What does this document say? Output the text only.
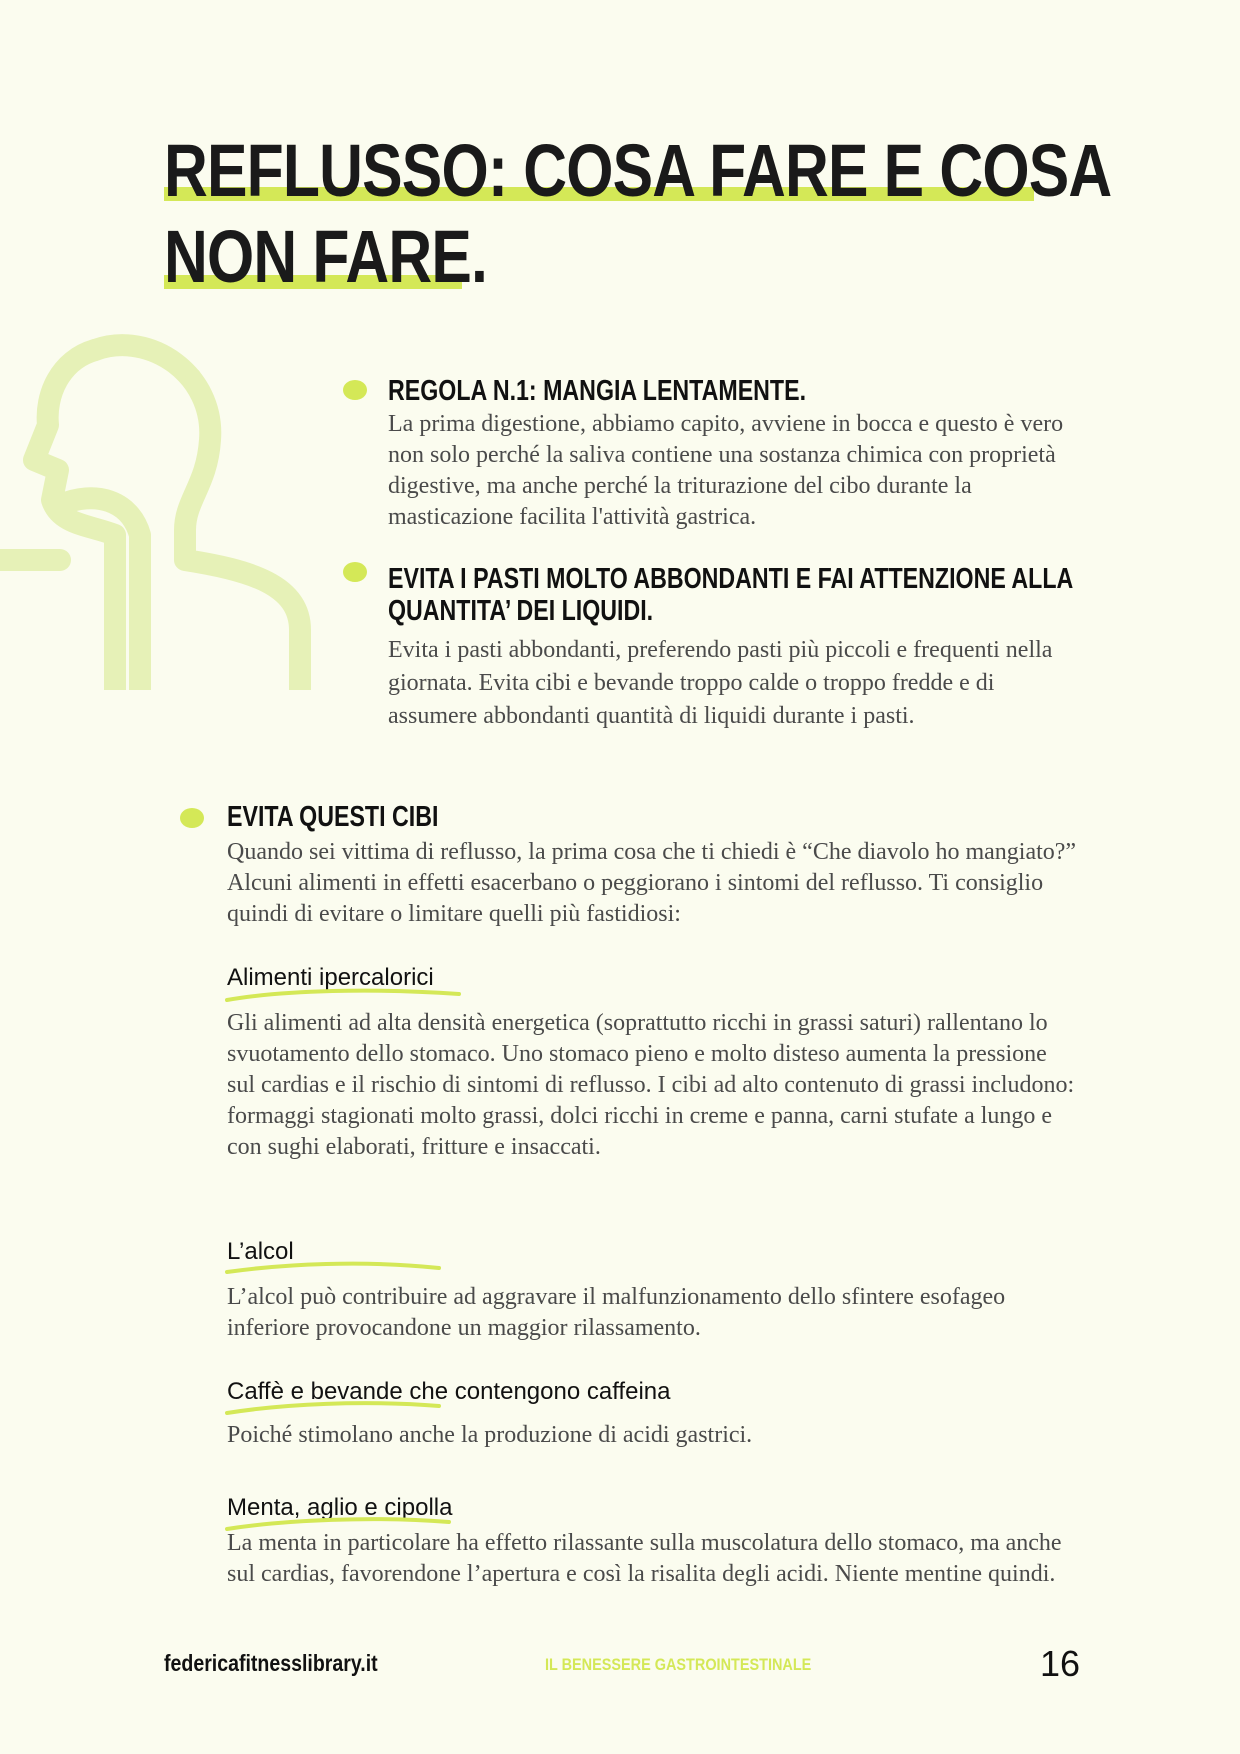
REFLUSSO: COSA FARE E COSA
NON FARE.
REGOLA N.1: MANGIA LENTAMENTE.
La prima digestione, abbiamo capito, avviene in bocca e questo è vero non solo perché la saliva contiene una sostanza chimica con proprietà digestive, ma anche perché la triturazione del cibo durante la masticazione facilita l'attività gastrica.
EVITA I PASTI MOLTO ABBONDANTI E FAI ATTENZIONE ALLA
QUANTITA’ DEI LIQUIDI.
Evita i pasti abbondanti, preferendo pasti più piccoli e frequenti nella giornata. Evita cibi e bevande troppo calde o troppo fredde e di assumere abbondanti quantità di liquidi durante i pasti.
EVITA QUESTI CIBI
Quando sei vittima di reflusso, la prima cosa che ti chiedi è “Che diavolo ho mangiato?” Alcuni alimenti in effetti esacerbano o peggiorano i sintomi del reflusso. Ti consiglio quindi di evitare o limitare quelli più fastidiosi:
Alimenti ipercalorici
Gli alimenti ad alta densità energetica (soprattutto ricchi in grassi saturi) rallentano lo svuotamento dello stomaco. Uno stomaco pieno e molto disteso aumenta la pressione sul cardias e il rischio di sintomi di reflusso. I cibi ad alto contenuto di grassi includono: formaggi stagionati molto grassi, dolci ricchi in creme e panna, carni stufate a lungo e con sughi elaborati, fritture e insaccati.
L’alcol
L’alcol può contribuire ad aggravare il malfunzionamento dello sfintere esofageo inferiore provocandone un maggior rilassamento.
Caffè e bevande che contengono caffeina
Poiché stimolano anche la produzione di acidi gastrici.
Menta, aglio e cipolla
La menta in particolare ha effetto rilassante sulla muscolatura dello stomaco, ma anche sul cardias, favorendone l’apertura e così la risalita degli acidi. Niente mentine quindi.
federicafitnesslibrary.it	IL BENESSERE GASTROINTESTINALE	16
